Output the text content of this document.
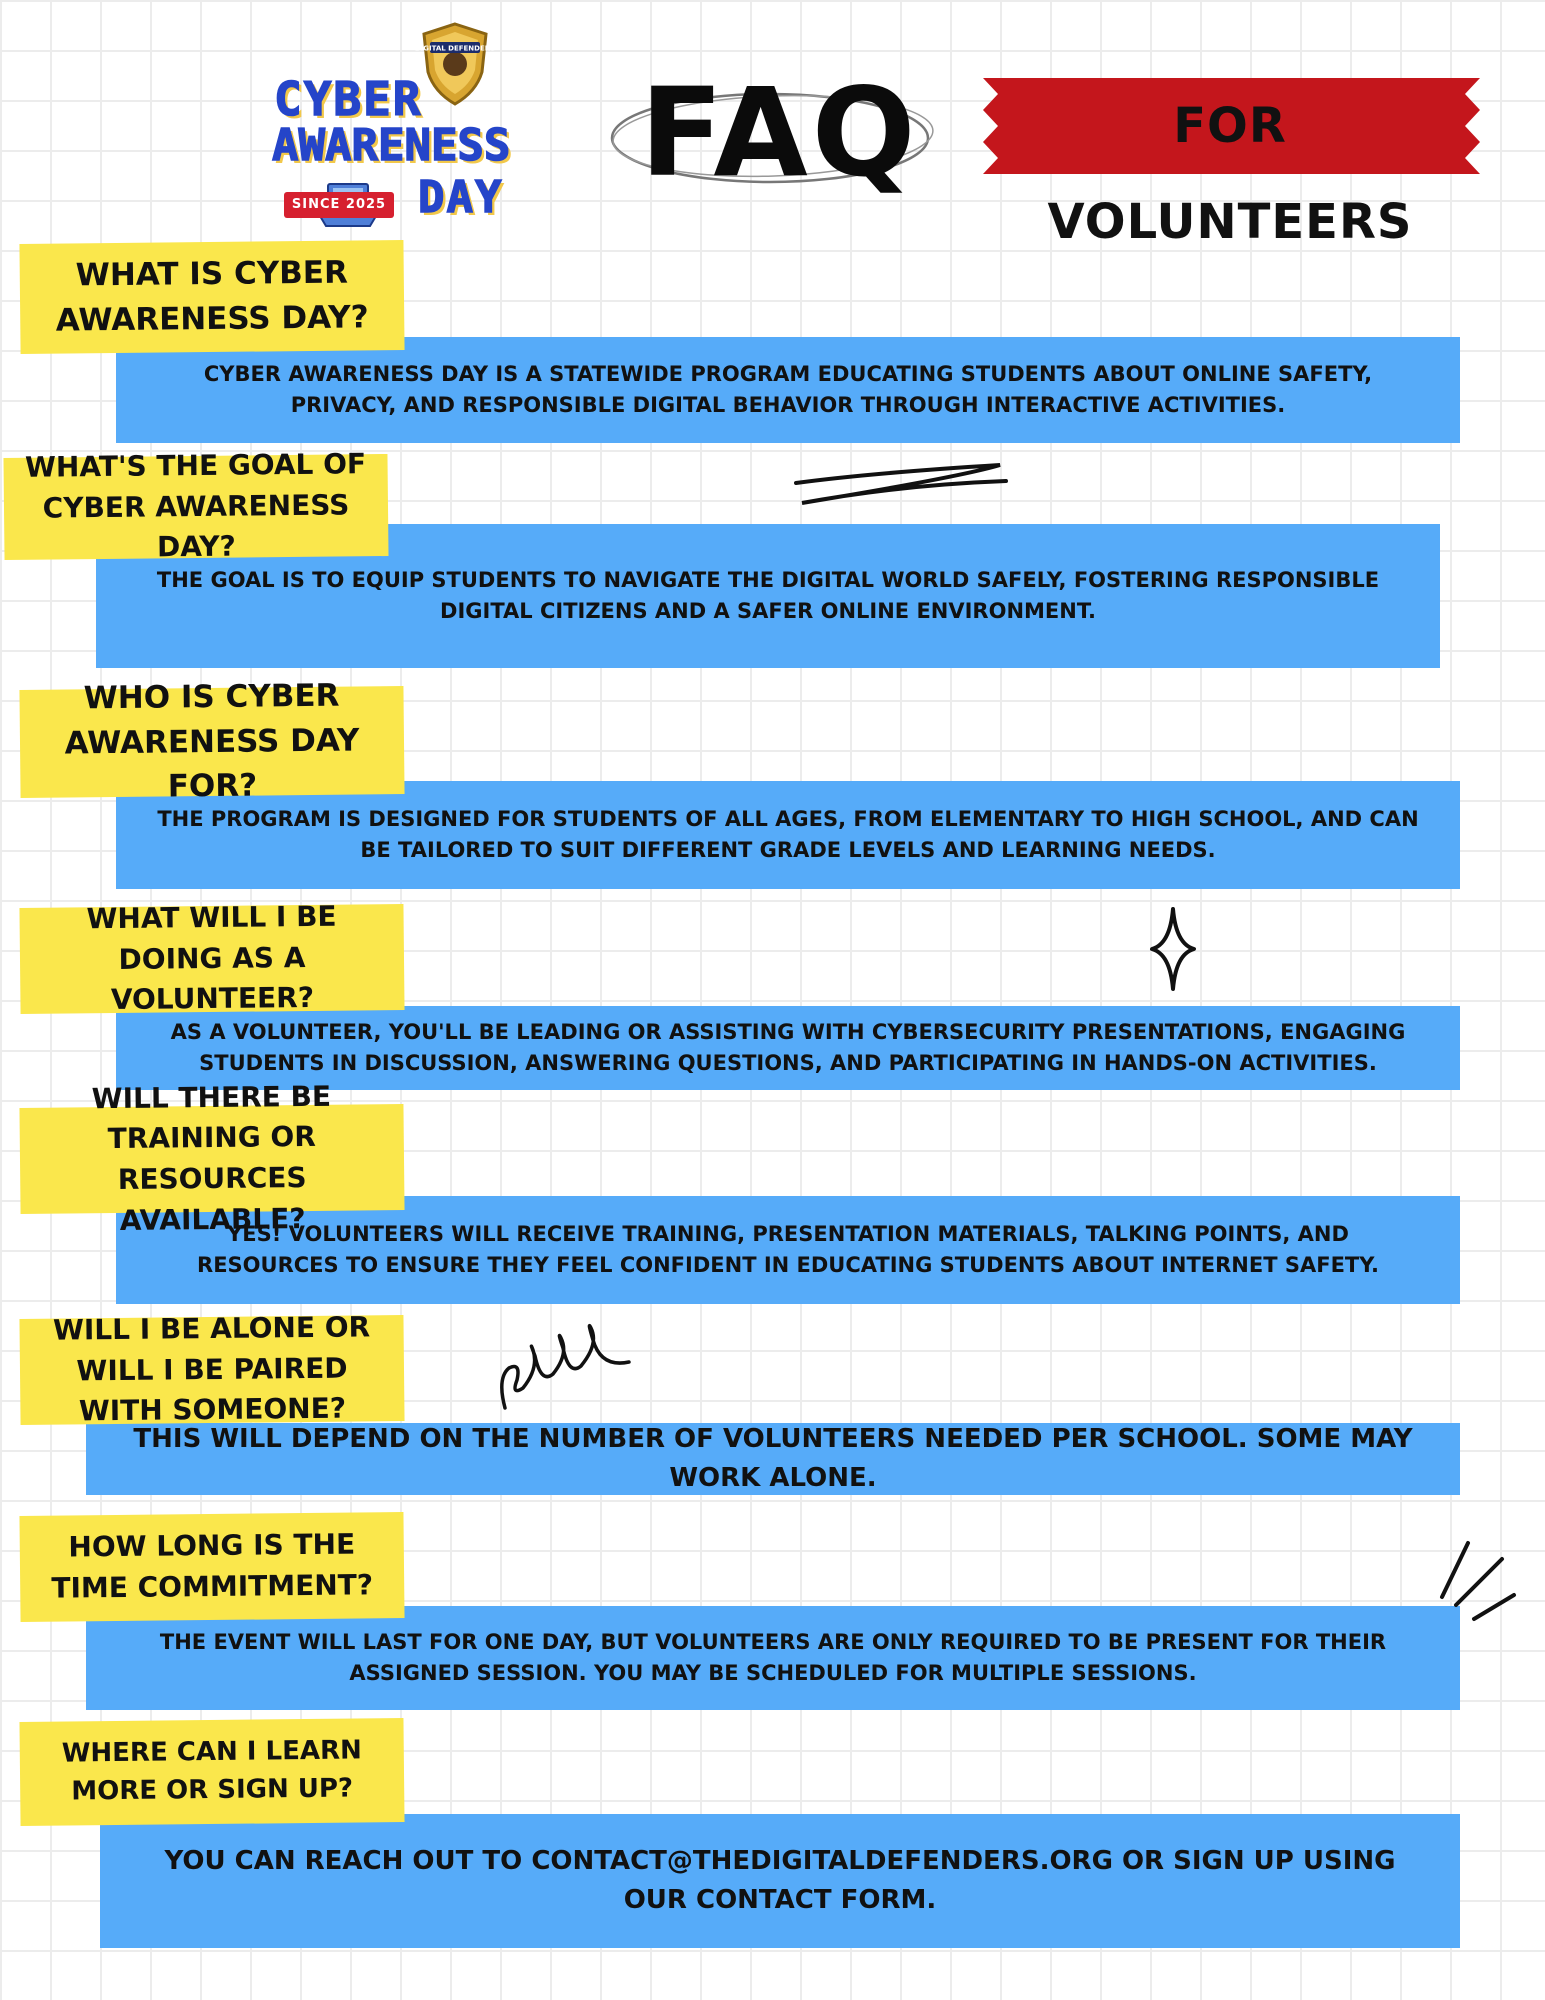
DIGITAL DEFENDERS
CYBER
AWARENESS
SINCE 2025 DAY FAQ	FOR VOLUNTEERS
CYBER AWARENESS DAY IS A STATEWIDE PROGRAM EDUCATING STUDENTS ABOUT ONLINE SAFETY, PRIVACY, AND RESPONSIBLE DIGITAL BEHAVIOR THROUGH INTERACTIVE ACTIVITIES.
WHAT IS CYBER AWARENESS DAY?
THE GOAL IS TO EQUIP STUDENTS TO NAVIGATE THE DIGITAL WORLD SAFELY, FOSTERING RESPONSIBLE DIGITAL CITIZENS AND A SAFER ONLINE ENVIRONMENT.
WHAT'S THE GOAL OF CYBER AWARENESS DAY?
THE PROGRAM IS DESIGNED FOR STUDENTS OF ALL AGES, FROM ELEMENTARY TO HIGH SCHOOL, AND CAN BE TAILORED TO SUIT DIFFERENT GRADE LEVELS AND LEARNING NEEDS.
WHO IS CYBER AWARENESS DAY FOR?
AS A VOLUNTEER, YOU'LL BE LEADING OR ASSISTING WITH CYBERSECURITY PRESENTATIONS, ENGAGING STUDENTS IN DISCUSSION, ANSWERING QUESTIONS, AND PARTICIPATING IN HANDS-ON ACTIVITIES.
WHAT WILL I BE DOING AS A VOLUNTEER?
YES! VOLUNTEERS WILL RECEIVE TRAINING, PRESENTATION MATERIALS, TALKING POINTS, AND RESOURCES TO ENSURE THEY FEEL CONFIDENT IN EDUCATING STUDENTS ABOUT INTERNET SAFETY.
WILL THERE BE TRAINING OR RESOURCES AVAILABLE?
THIS WILL DEPEND ON THE NUMBER OF VOLUNTEERS NEEDED PER SCHOOL. SOME MAY WORK ALONE.
WILL I BE ALONE OR WILL I BE PAIRED WITH SOMEONE?
THE EVENT WILL LAST FOR ONE DAY, BUT VOLUNTEERS ARE ONLY REQUIRED TO BE PRESENT FOR THEIR ASSIGNED SESSION. YOU MAY BE SCHEDULED FOR MULTIPLE SESSIONS.
HOW LONG IS THE TIME COMMITMENT?
YOU CAN REACH OUT TO CONTACT@THEDIGITALDEFENDERS.ORG OR SIGN UP USING OUR CONTACT FORM.
WHERE CAN I LEARN MORE OR SIGN UP?
